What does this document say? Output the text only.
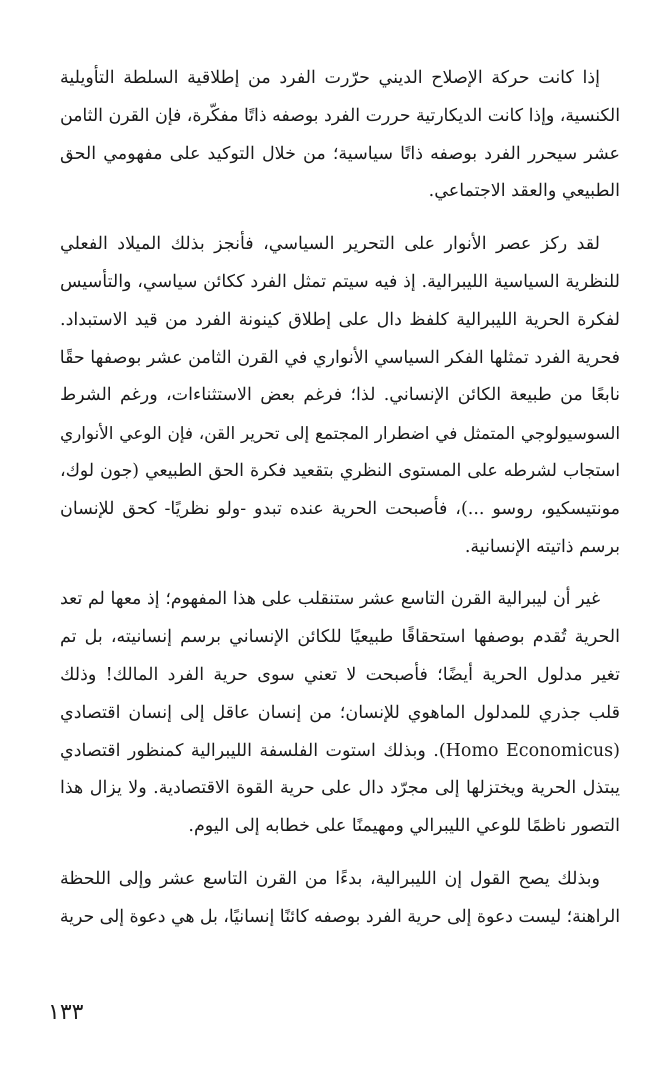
إذا كانت حركة الإصلاح الديني حرّرت الفرد من إطلاقية السلطة التأويلية
الكنسية، وإذا كانت الديكارتية حررت الفرد بوصفه ذاتًا مفكّرة، فإن القرن الثامن
عشر سيحرر الفرد بوصفه ذاتًا سياسية؛ من خلال التوكيد على مفهومي الحق
الطبيعي والعقد الاجتماعي.
لقد ركز عصر الأنوار على التحرير السياسي، فأنجز بذلك الميلاد الفعلي
للنظرية السياسية الليبرالية. إذ فيه سيتم تمثل الفرد ككائن سياسي، والتأسيس
لفكرة الحرية الليبرالية كلفظ دال على إطلاق كينونة الفرد من قيد الاستبداد.
فحرية الفرد تمثلها الفكر السياسي الأنواري في القرن الثامن عشر بوصفها حقًا
نابعًا من طبيعة الكائن الإنساني. لذا؛ فرغم بعض الاستثناءات، ورغم الشرط
السوسيولوجي المتمثل في اضطرار المجتمع إلى تحرير القن، فإن الوعي الأنواري
استجاب لشرطه على المستوى النظري بتقعيد فكرة الحق الطبيعي (جون لوك،
مونتيسكيو، روسو ...)، فأصبحت الحرية عنده تبدو -ولو نظريًا- كحق للإنسان
برسم ذاتيته الإنسانية.
غير أن ليبرالية القرن التاسع عشر ستنقلب على هذا المفهوم؛ إذ معها لم تعد
الحرية تُقدم بوصفها استحقاقًا طبيعيًا للكائن الإنساني برسم إنسانيته، بل تم
تغير مدلول الحرية أيضًا؛ فأصبحت لا تعني سوى حرية الفرد المالك! وذلك
قلب جذري للمدلول الماهوي للإنسان؛ من إنسان عاقل إلى إنسان اقتصادي
(Homo Economicus). وبذلك استوت الفلسفة الليبرالية كمنظور اقتصادي
يبتذل الحرية ويختزلها إلى مجرّد دال على حرية القوة الاقتصادية. ولا يزال هذا
التصور ناظمًا للوعي الليبرالي ومهيمنًا على خطابه إلى اليوم.
وبذلك يصح القول إن الليبرالية، بدءًا من القرن التاسع عشر وإلى اللحظة
الراهنة؛ ليست دعوة إلى حرية الفرد بوصفه كائنًا إنسانيًا، بل هي دعوة إلى حرية
١٣٣
